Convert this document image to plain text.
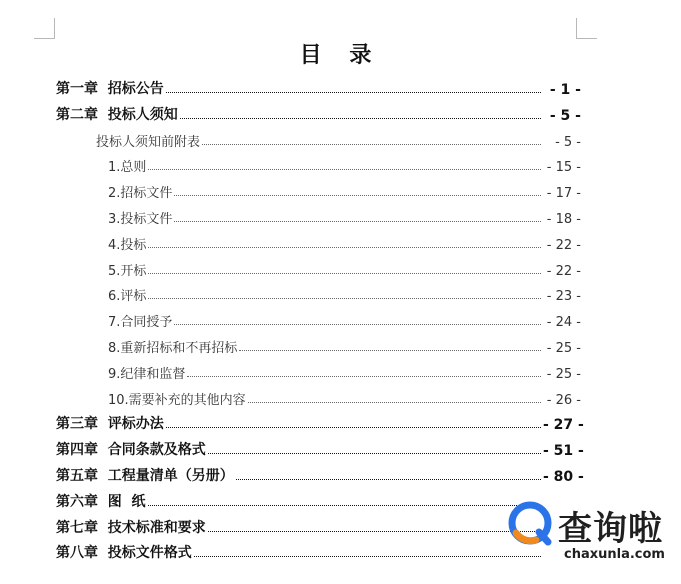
目 录
第一章  招标公告	- 1 -
第二章  投标人须知	- 5 -
投标人须知前附表	- 5 -
1.总则	- 15 -
2.招标文件	- 17 -
3.投标文件	- 18 -
4.投标	- 22 -
5.开标	- 22 -
6.评标	- 23 -
7.合同授予	- 24 -
8.重新招标和不再招标	- 25 -
9.纪律和监督	- 25 -
10.需要补充的其他内容	- 26 -
第三章  评标办法	- 27 -
第四章  合同条款及格式	- 51 -
第五章  工程量清单（另册）	- 80 -
第六章  图  纸
第七章  技术标准和要求
第八章  投标文件格式
查询啦
chaxunla.com
